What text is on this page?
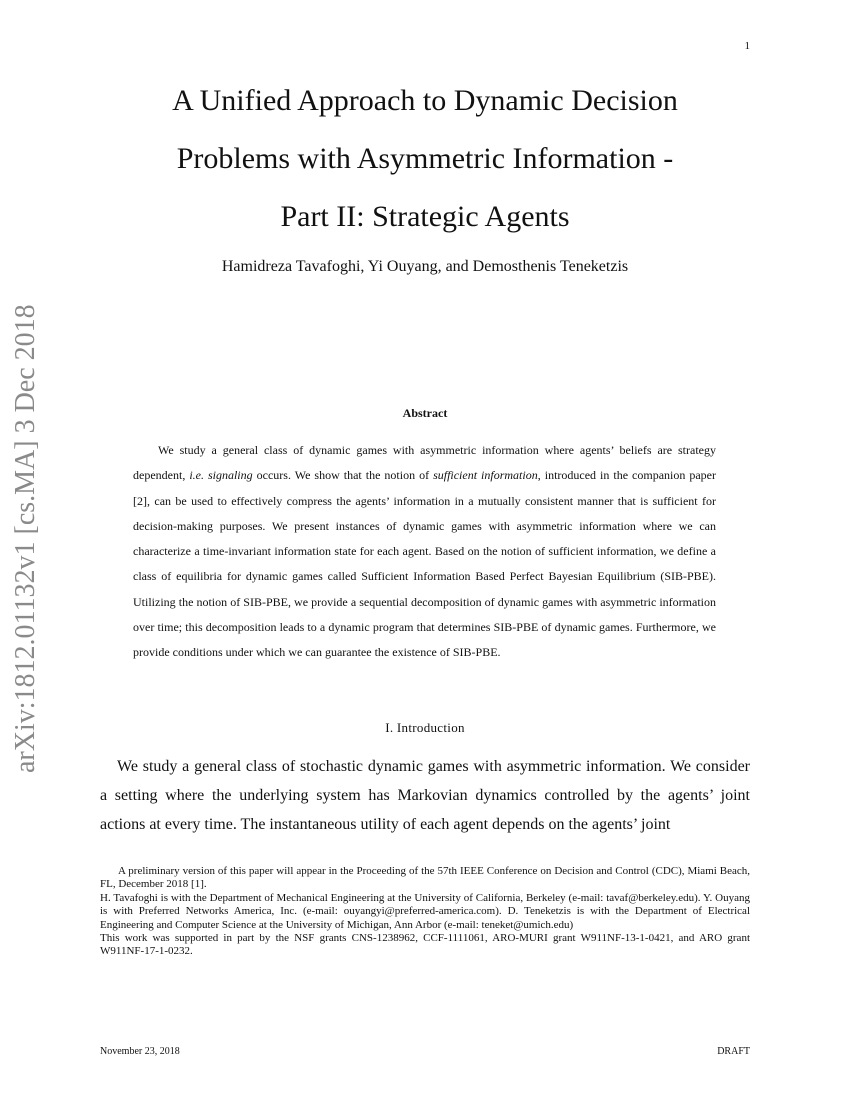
1
arXiv:1812.01132v1 [cs.MA] 3 Dec 2018
A Unified Approach to Dynamic Decision
Problems with Asymmetric Information -
Part II: Strategic Agents
Hamidreza Tavafoghi, Yi Ouyang, and Demosthenis Teneketzis
Abstract

We study a general class of dynamic games with asymmetric information where agents’ beliefs are strategy dependent, i.e. signaling occurs. We show that the notion of sufficient information, introduced in the companion paper [2], can be used to effectively compress the agents’ information in a mutually consistent manner that is sufficient for decision-making purposes. We present instances of dynamic games with asymmetric information where we can characterize a time-invariant information state for each agent. Based on the notion of sufficient information, we define a class of equilibria for dynamic games called Sufficient Information Based Perfect Bayesian Equilibrium (SIB-PBE). Utilizing the notion of SIB-PBE, we provide a sequential decomposition of dynamic games with asymmetric information over time; this decomposition leads to a dynamic program that determines SIB-PBE of dynamic games. Furthermore, we provide conditions under which we can guarantee the existence of SIB-PBE.

I. Introduction

We study a general class of stochastic dynamic games with asymmetric information. We consider a setting where the underlying system has Markovian dynamics controlled by the agents’ joint actions at every time. The instantaneous utility of each agent depends on the agents’ joint

A preliminary version of this paper will appear in the Proceeding of the 57th IEEE Conference on Decision and Control (CDC), Miami Beach, FL, December 2018 [1].

H. Tavafoghi is with the Department of Mechanical Engineering at the University of California, Berkeley (e-mail: tavaf@berkeley.edu). Y. Ouyang is with Preferred Networks America, Inc. (e-mail: ouyangyi@preferred-america.com). D. Teneketzis is with the Department of Electrical Engineering and Computer Science at the University of Michigan, Ann Arbor (e-mail: teneket@umich.edu)

This work was supported in part by the NSF grants CNS-1238962, CCF-1111061, ARO-MURI grant W911NF-13-1-0421, and ARO grant W911NF-17-1-0232.

November 23, 2018	DRAFT
